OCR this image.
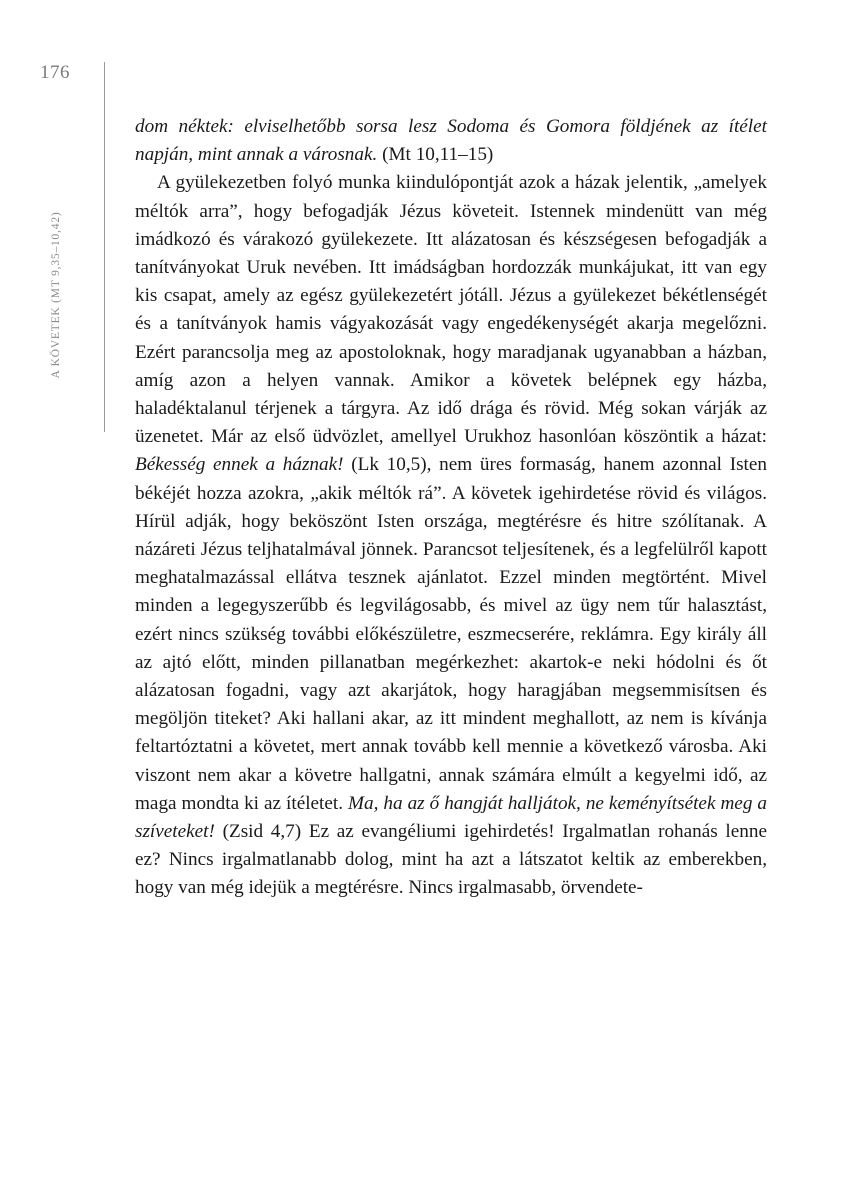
176
A KÖVETEK (MT 9,35–10,42)

dom néktek: elviselhetőbb sorsa lesz Sodoma és Gomora földjének az ítélet napján, mint annak a városnak. (Mt 10,11–15)

A gyülekezetben folyó munka kiindulópontját azok a házak jelentik, „amelyek méltók arra”, hogy befogadják Jézus követeit. Istennek mindenütt van még imádkozó és várakozó gyülekezete. Itt alázatosan és készségesen befogadják a tanítványokat Uruk nevében. Itt imádságban hordozzák munkájukat, itt van egy kis csapat, amely az egész gyülekezetért jótáll. Jézus a gyülekezet békétlenségét és a tanítványok hamis vágyakozását vagy engedékenységét akarja megelőzni. Ezért parancsolja meg az apostoloknak, hogy maradjanak ugyanabban a házban, amíg azon a helyen vannak. Amikor a követek belépnek egy házba, haladéktalanul térjenek a tárgyra. Az idő drága és rövid. Még sokan várják az üzenetet. Már az első üdvözlet, amellyel Urukhoz hasonlóan köszöntik a házat: Békesség ennek a háznak! (Lk 10,5), nem üres formaság, hanem azonnal Isten békéjét hozza azokra, „akik méltók rá”. A követek igehirdetése rövid és világos. Hírül adják, hogy beköszönt Isten országa, megtérésre és hitre szólítanak. A názáreti Jézus teljhatalmával jönnek. Parancsot teljesítenek, és a legfelülről kapott meghatalmazással ellátva tesznek ajánlatot. Ezzel minden megtörtént. Mivel minden a legegyszerűbb és legvilágosabb, és mivel az ügy nem tűr halasztást, ezért nincs szükség további előkészületre, eszmecserére, reklámra. Egy király áll az ajtó előtt, minden pillanatban megérkezhet: akartok-e neki hódolni és őt alázatosan fogadni, vagy azt akarjátok, hogy haragjában megsemmisítsen és megöljön titeket? Aki hallani akar, az itt mindent meghallott, az nem is kívánja feltartóztatni a követet, mert annak tovább kell mennie a következő városba. Aki viszont nem akar a követre hallgatni, annak számára elmúlt a kegyelmi idő, az maga mondta ki az ítéletet. Ma, ha az ő hangját halljátok, ne keményítsétek meg a szíveteket! (Zsid 4,7) Ez az evangéliumi igehirdetés! Irgalmatlan rohanás lenne ez? Nincs irgalmatlanabb dolog, mint ha azt a látszatot keltik az emberekben, hogy van még idejük a megtérésre. Nincs irgalmasabb, örvendete-
